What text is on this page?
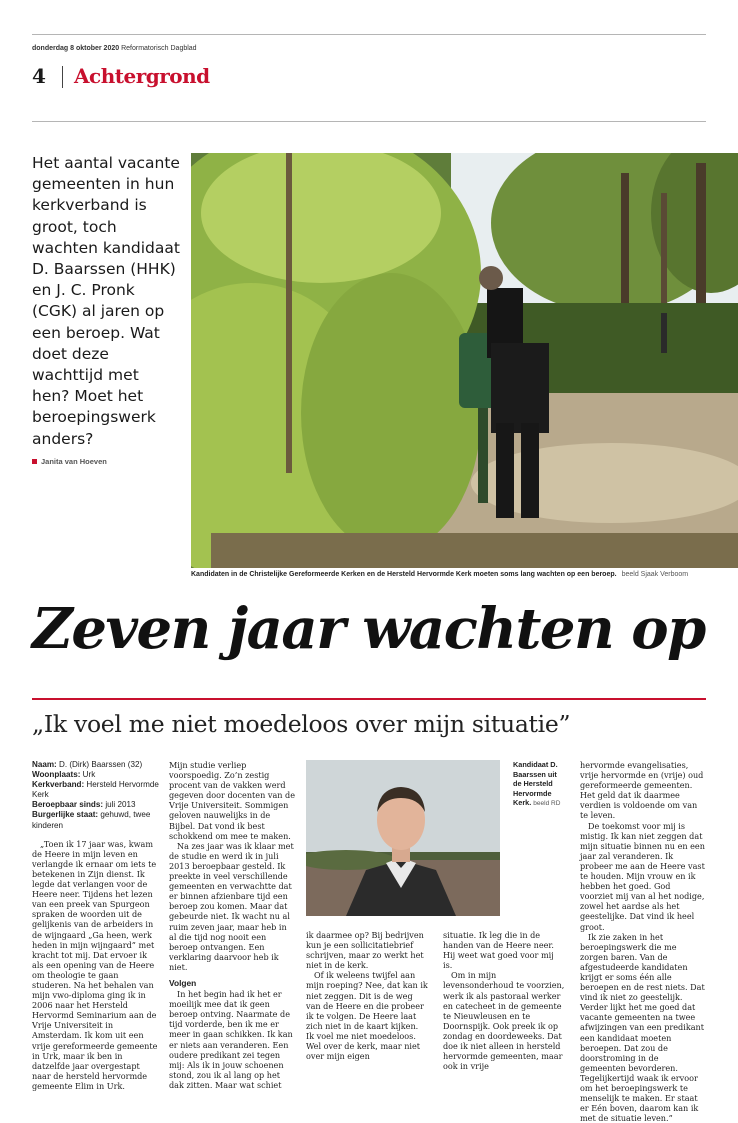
donderdag 8 oktober 2020 Reformatorisch Dagblad
4 Achtergrond
Het aantal vacante gemeenten in hun kerkverband is groot, toch wachten kandidaat D. Baarssen (HHK) en J. C. Pronk (CGK) al jaren op een beroep. Wat doet deze wachttijd met hen? Moet het beroepingswerk anders?
Janita van Hoeven
Kandidaten in de Christelijke Gereformeerde Kerken en de Hersteld Hervormde Kerk moeten soms lang wachten op een beroep. beeld Sjaak Verboom
Zeven jaar wachten op
„Ik voel me niet moedeloos over mijn situatie”
Naam: D. (Dirk) Baarssen (32)
Woonplaats: Urk
Kerkverband: Hersteld Hervormde Kerk
Beroepbaar sinds: juli 2013
Burgerlijke staat: gehuwd, twee kinderen

„Toen ik 17 jaar was, kwam de Heere in mijn leven en verlangde ik ernaar om iets te betekenen in Zijn dienst. Ik legde dat verlangen voor de Heere neer. Tijdens het lezen van een preek van Spurgeon spraken de woorden uit de gelijkenis van de arbeiders in de wijngaard „Ga heen, werk heden in mijn wijngaard” met kracht tot mij. Dat ervoer ik als een opening van de Heere om theologie te gaan studeren. Na het behalen van mijn vwo-diploma ging ik in 2006 naar het Hersteld Hervormd Seminarium aan de Vrije Universiteit in Amsterdam. Ik kom uit een vrije gereformeerde gemeente in Urk, maar ik ben in datzelfde jaar overgestapt naar de hersteld hervormde gemeente Elim in Urk.

Mijn studie verliep voorspoedig. Zo’n zestig procent van de vakken werd gegeven door docenten van de Vrije Universiteit. Sommigen geloven nauwelijks in de Bijbel. Dat vond ik best schokkend om mee te maken.

Na zes jaar was ik klaar met de studie en werd ik in juli 2013 beroepbaar gesteld. Ik preekte in veel verschillende gemeenten en verwachtte dat er binnen afzienbare tijd een beroep zou komen. Maar dat gebeurde niet. Ik wacht nu al ruim zeven jaar, maar heb in al die tijd nog nooit een beroep ontvangen. Een verklaring daarvoor heb ik niet.

Volgen

In het begin had ik het er moeilijk mee dat ik geen beroep ontving. Naarmate de tijd vorderde, ben ik me er meer in gaan schikken. Ik kan er niets aan veranderen. Een oudere predikant zei tegen mij: Als ik in jouw schoenen stond, zou ik al lang op het dak zitten. Maar wat schiet

Kandidaat D. Baarssen uit de Hersteld Hervormde Kerk. beeld RD

ik daarmee op? Bij bedrijven kun je een sollicitatiebrief schrijven, maar zo werkt het niet in de kerk.

Of ik weleens twijfel aan mijn roeping? Nee, dat kan ik niet zeggen. Dit is de weg van de Heere en die probeer ik te volgen. De Heere laat zich niet in de kaart kijken. Ik voel me niet moedeloos. Wel over de kerk, maar niet over mijn eigen

situatie. Ik leg die in de handen van de Heere neer. Hij weet wat goed voor mij is.

Om in mijn levensonderhoud te voorzien, werk ik als pastoraal werker en catecheet in de gemeente te Nieuwleusen en te Doornspijk. Ook preek ik op zondag en doordeweeks. Dat doe ik niet alleen in hersteld hervormde gemeenten, maar ook in vrije

hervormde evangelisaties, vrije hervormde en (vrije) oud gereformeerde gemeenten. Het geld dat ik daarmee verdien is voldoende om van te leven.

De toekomst voor mij is mistig. Ik kan niet zeggen dat mijn situatie binnen nu en een jaar zal veranderen. Ik probeer me aan de Heere vast te houden. Mijn vrouw en ik hebben het goed. God voorziet mij van al het nodige, zowel het aardse als het geestelijke. Dat vind ik heel groot.

Ik zie zaken in het beroepingswerk die me zorgen baren. Van de afgestudeerde kandidaten krijgt er soms één alle beroepen en de rest niets. Dat vind ik niet zo geestelijk. Verder lijkt het me goed dat vacante gemeenten na twee afwijzingen van een predikant een kandidaat moeten beroepen. Dat zou de doorstroming in de gemeenten bevorderen. Tegelijkertijd waak ik ervoor om het beroepingswerk te menselijk te maken. Er staat er Eén boven, daarom kan ik met de situatie leven.”
